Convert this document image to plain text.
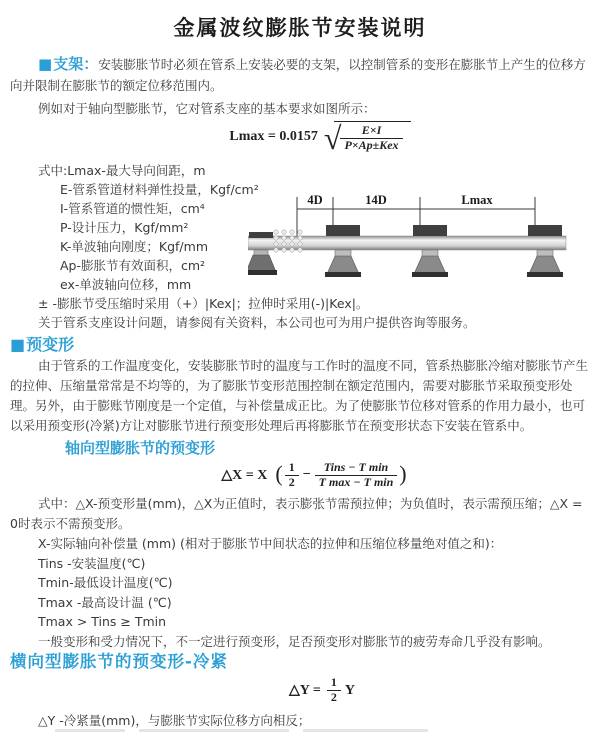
金属波纹膨胀节安装说明

■支架：安装膨胀节时必须在管系上安装必要的支架，以控制管系的变形在膨胀节上产生的位移方向并限制在膨胀节的额定位移范围内。

例如对于轴向型膨胀节，它对管系支座的基本要求如图所示：

Lmax = 0.0157 √ $\frac{E\times I}{\text{P×Ap±Kex}}$
式中:Lmax-最大导向间距，m
E-管系管道材料弹性投量，Kgf/cm²
I-管系管道的惯性矩，cm⁴
P-设计压力，Kgf/mm²
K-单波轴向刚度；Kgf/mm
Ap-膨胀节有效面积，cm²
ex-单波轴向位移，mm
± -膨胀节受压缩时采用（+）|Kex|；拉伸时采用(-)|Kex|。
关于管系支座设计问题，请参阅有关资料，本公司也可为用户提供咨询等服务。
4D	14D	Lmax
■预变形

由于管系的工作温度变化，安装膨胀节时的温度与工作时的温度不同，管系热膨胀冷缩对膨胀节产生的拉伸、压缩量常常是不均等的，为了膨胀节变形范围控制在额定范围内，需要对膨胀节采取预变形处理。另外，由于膨账节刚度是一个定值，与补偿量成正比。为了使膨胀节位移对管系的作用力最小，也可以采用预变形(冷紧)方让对膨胀节进行预变形处理后再将膨胀节在预变形状态下安装在管系中。

轴向型膨胀节的预变形
△X = X ( $\frac{1}{2} - \frac{\text{Tins − T min}}{\text{T max − T min}}$ )

式中：△X-预变形量(mm)，△X为正值时，表示膨张节需预拉伸；为负值时，表示需预压缩；△X = 0时表示不需预变形。

X-实际轴向补偿量 (mm) (相对于膨胀节中间状态的拉伸和压缩位移量绝对值之和)：
Tins -安装温度(℃)
Tmin-最低设计温度(℃)
Tmax -最高设计温 (℃)
Tmax > Tins ≥ Tmin

一般变形和受力情况下，不一定进行预变形，足否预变形对膨胀节的疲劳寿命几乎没有影响。

横向型膨胀节的预变形-冷紧
△Y = $\frac{1}{2}$ Y

△Y -冷紧量(mm)，与膨胀节实际位移方向相反；
